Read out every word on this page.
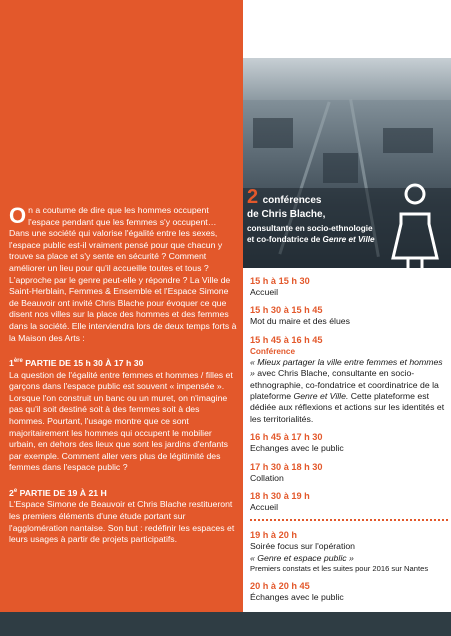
On a coutume de dire que les hommes occupent l'espace pendant que les femmes s'y occupent… Dans une société qui valorise l'égalité entre les sexes, l'espace public est-il vraiment pensé pour que chacun y trouve sa place et s'y sente en sécurité ? Comment améliorer un lieu pour qu'il accueille toutes et tous ? L'approche par le genre peut-elle y répondre ? La Ville de Saint-Herblain, Femmes & Ensemble et l'Espace Simone de Beauvoir ont invité Chris Blache pour évoquer ce que disent nos villes sur la place des hommes et des femmes dans la société. Elle interviendra lors de deux temps forts à la Maison des Arts :

1ère PARTIE DE 15 h 30 À 17 h 30
La question de l'égalité entre femmes et hommes / filles et garçons dans l'espace public est souvent « impensée ». Lorsque l'on construit un banc ou un muret, on n'imagine pas qu'il soit destiné soit à des femmes soit à des hommes. Pourtant, l'usage montre que ce sont majoritairement les hommes qui occupent le mobilier urbain, en dehors des lieux que sont les jardins d'enfants par exemple. Comment aller vers plus de légitimité des femmes dans l'espace public ?
2e PARTIE DE 19 À 21 H
L'Espace Simone de Beauvoir et Chris Blache restitueront les premiers éléments d'une étude portant sur l'agglomération nantaise. Son but : redéfinir les espaces et leurs usages à partir de projets participatifs.
2 conférences
de Chris Blache,
consultante en socio-ethnologie
et co-fondatrice de Genre et Ville
15 h à 15 h 30
Accueil
15 h 30 à 15 h 45
Mot du maire et des élues
15 h 45 à 16 h 45
Conférence
« Mieux partager la ville entre femmes et hommes » avec Chris Blache, consultante en socio-ethnographie, co-fondatrice et coordinatrice de la plateforme Genre et Ville. Cette plateforme est dédiée aux réflexions et actions sur les identités et les territorialités.
16 h 45 à 17 h 30
Echanges avec le public
17 h 30 à 18 h 30
Collation
18 h 30 à 19 h
Accueil
19 h à 20 h
Soirée focus sur l'opération
« Genre et espace public »
Premiers constats et les suites pour 2016 sur Nantes
20 h à 20 h 45
Échanges avec le public
